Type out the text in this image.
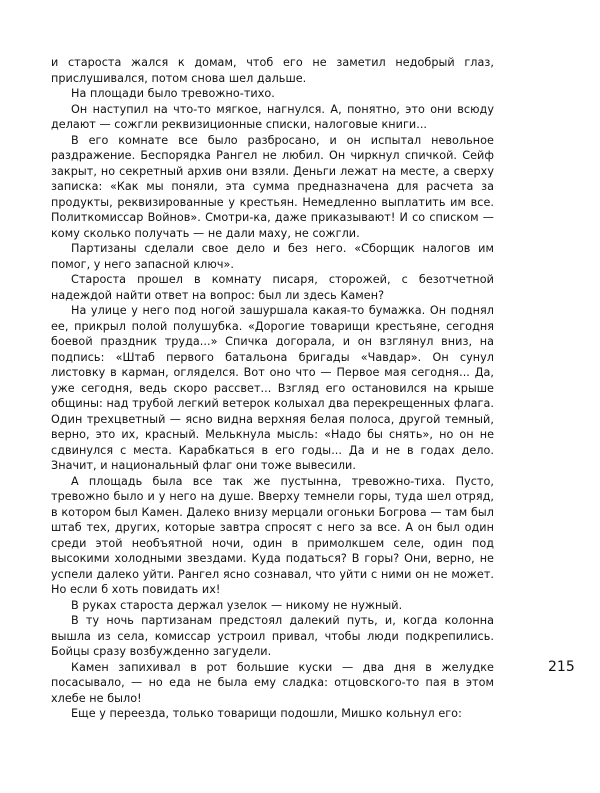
и староста жался к домам, чтоб его не заметил недобрый глаз, прислушивался, потом снова шел дальше.

На площади было тревожно-тихо.

Он наступил на что-то мягкое, нагнулся. А, понятно, это они всюду делают — сожгли реквизиционные списки, налоговые книги...

В его комнате все было разбросано, и он испытал невольное раздражение. Беспорядка Рангел не любил. Он чиркнул спичкой. Сейф закрыт, но секретный архив они взяли. Деньги лежат на месте, а сверху записка: «Как мы поняли, эта сумма предназначена для расчета за продукты, реквизированные у крестьян. Немедленно выплатить им все. Политкомиссар Войнов». Смотри-ка, даже приказывают! И со списком — кому сколько получать — не дали маху, не сожгли.

Партизаны сделали свое дело и без него. «Сборщик налогов им помог, у него запасной ключ».

Староста прошел в комнату писаря, сторожей, с безотчетной надеждой найти ответ на вопрос: был ли здесь Камен?

На улице у него под ногой зашуршала какая-то бумажка. Он поднял ее, прикрыл полой полушубка. «Дорогие товарищи крестьяне, сегодня боевой праздник труда...» Спичка догорала, и он взглянул вниз, на подпись: «Штаб первого батальона бригады «Чавдар». Он сунул листовку в карман, огляделся. Вот оно что — Первое мая сегодня... Да, уже сегодня, ведь скоро рассвет... Взгляд его остановился на крыше общины: над трубой легкий ветерок колыхал два перекрещенных флага. Один трехцветный — ясно видна верхняя белая полоса, другой темный, верно, это их, красный. Мелькнула мысль: «Надо бы снять», но он не сдвинулся с места. Карабкаться в его годы... Да и не в годах дело. Значит, и национальный флаг они тоже вывесили.

А площадь была все так же пустынна, тревожно-тиха. Пусто, тревожно было и у него на душе. Вверху темнели горы, туда шел отряд, в котором был Камен. Далеко внизу мерцали огоньки Богрова — там был штаб тех, других, которые завтра спросят с него за все. А он был один среди этой необъятной ночи, один в примолкшем селе, один под высокими холодными звездами. Куда податься? В горы? Они, верно, не успели далеко уйти. Рангел ясно сознавал, что уйти с ними он не может. Но если б хоть повидать их!

В руках староста держал узелок — никому не нужный.

В ту ночь партизанам предстоял далекий путь, и, когда колонна вышла из села, комиссар устроил привал, чтобы люди подкрепились. Бойцы сразу возбужденно загудели.

Камен запихивал в рот большие куски — два дня в желудке посасывало, — но еда не была ему сладка: отцовского-то пая в этом хлебе не было!

Еще у переезда, только товарищи подошли, Мишко кольнул его:

215
